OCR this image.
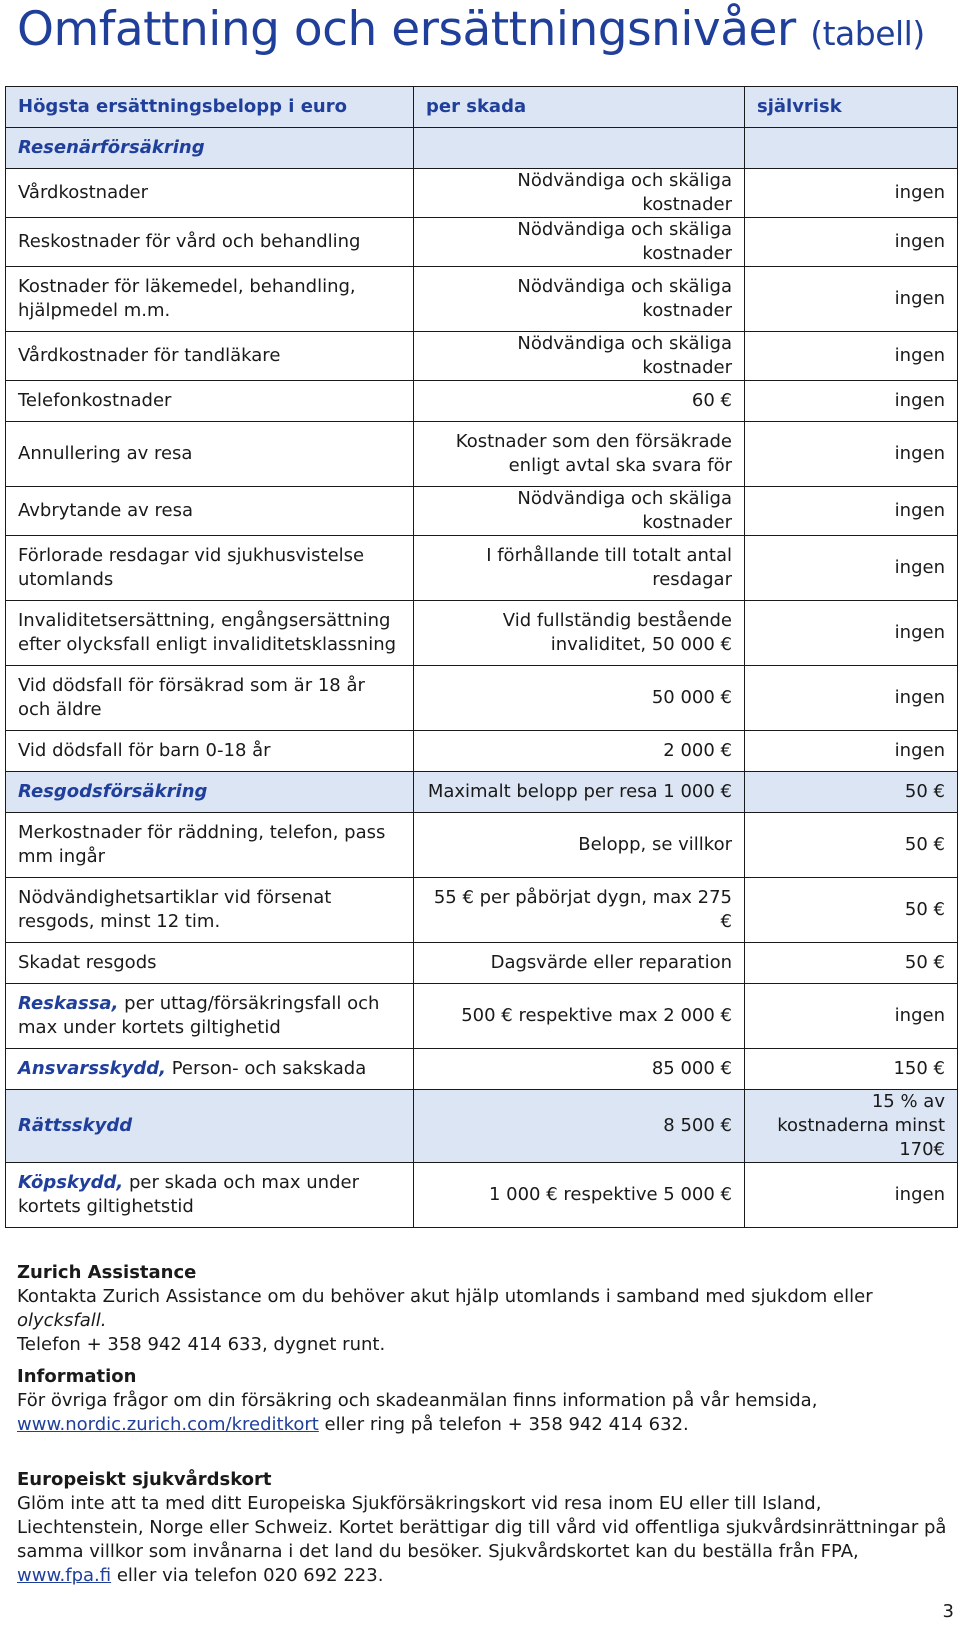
Omfattning och ersättningsnivåer (tabell)
Högsta ersättningsbelopp i euro	per skada	självrisk
Resenärförsäkring		
Vårdkostnader	Nödvändiga och skäliga kostnader	ingen
Reskostnader för vård och behandling	Nödvändiga och skäliga kostnader	ingen
Kostnader för läkemedel, behandling, hjälpmedel m.m.	Nödvändiga och skäliga kostnader	ingen
Vårdkostnader för tandläkare	Nödvändiga och skäliga kostnader	ingen
Telefonkostnader	60 €	ingen
Annullering av resa	Kostnader som den försäkrade enligt avtal ska svara för	ingen
Avbrytande av resa	Nödvändiga och skäliga kostnader	ingen
Förlorade resdagar vid sjukhusvistelse utomlands	I förhållande till totalt antal resdagar	ingen
Invaliditetsersättning, engångsersättning efter olycksfall enligt invaliditetsklassning	Vid fullständig bestående invaliditet, 50 000 €	ingen
Vid dödsfall för försäkrad som är 18 år och äldre	50 000 €	ingen
Vid dödsfall för barn 0-18 år	2 000 €	ingen
Resgodsförsäkring	Maximalt belopp per resa 1 000 €	50 €
Merkostnader för räddning, telefon, pass mm ingår	Belopp, se villkor	50 €
Nödvändighetsartiklar vid försenat resgods, minst 12 tim.	55 € per påbörjat dygn, max 275 €	50 €
Skadat resgods	Dagsvärde eller reparation	50 €
Reskassa, per uttag/försäkringsfall och max under kortets giltighetid	500 € respektive max 2 000 €	ingen
Ansvarsskydd, Person- och sakskada	85 000 €	150 €
Rättsskydd	8 500 €	15 % av kostnaderna minst 170€
Köpskydd, per skada och max under kortets giltighetstid	1 000 € respektive 5 000 €	ingen
Zurich Assistance

Kontakta Zurich Assistance om du behöver akut hjälp utomlands i samband med sjukdom eller olycksfall.

Telefon + 358 942 414 633, dygnet runt.

Information

För övriga frågor om din försäkring och skadeanmälan finns information på vår hemsida, www.nordic.zurich.com/kreditkort eller ring på telefon + 358 942 414 632.

Europeiskt sjukvårdskort

Glöm inte att ta med ditt Europeiska Sjukförsäkringskort vid resa inom EU eller till Island, Liechtenstein, Norge eller Schweiz. Kortet berättigar dig till vård vid offentliga sjukvårdsinrättningar på samma villkor som invånarna i det land du besöker. Sjukvårdskortet kan du beställa från FPA, www.fpa.fi eller via telefon 020 692 223.

3
